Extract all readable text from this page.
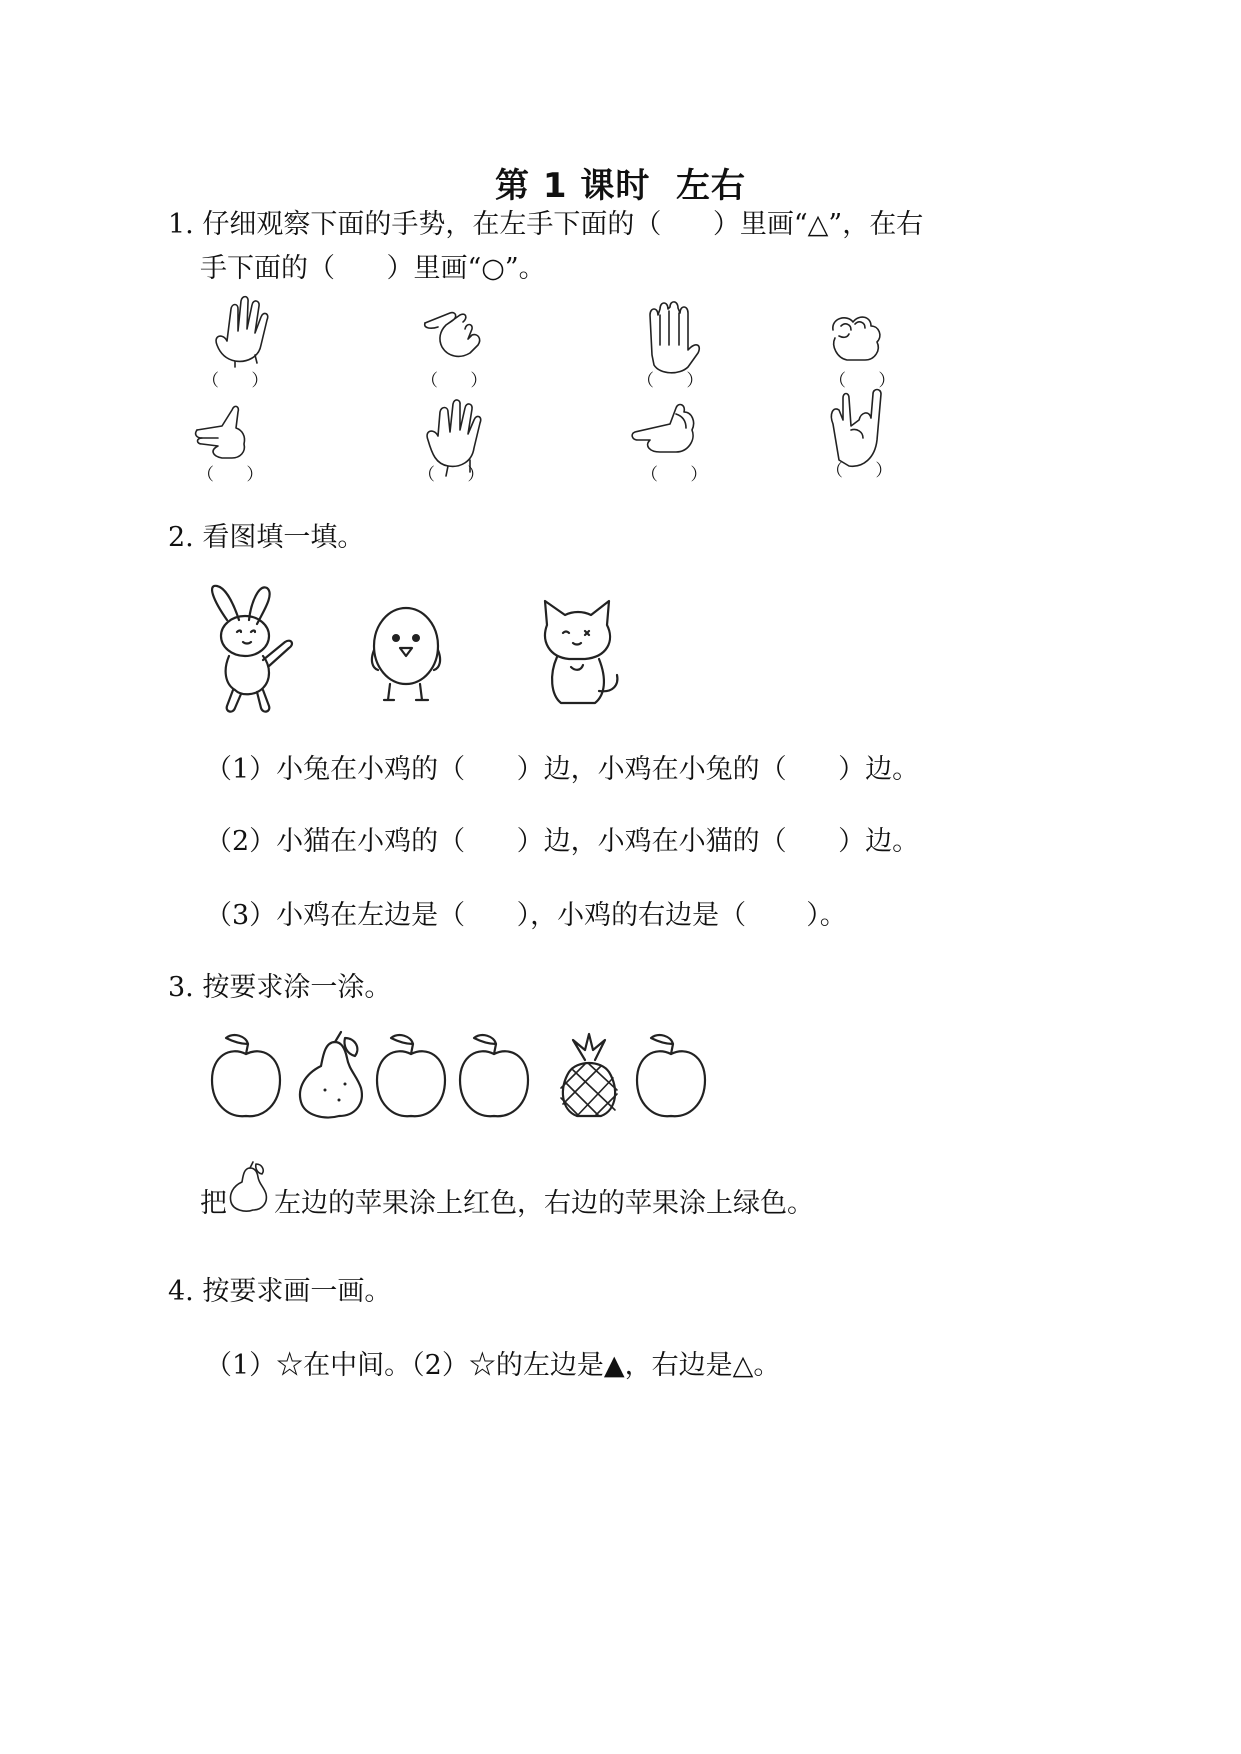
第 1 课时  左右
1. 仔细观察下面的手势，在左手下面的（      ）里画“△”，在右
手下面的（      ）里画“○”。
（      ）	（      ）	（      ）	（      ）
（      ）	（      ）	（      ）	（      ）
2. 看图填一填。
（1）小兔在小鸡的（      ）边，小鸡在小兔的（      ）边。
（2）小猫在小鸡的（      ）边，小鸡在小猫的（      ）边。
（3）小鸡在左边是（      ），小鸡的右边是（       ）。
3. 按要求涂一涂。
把 左边的苹果涂上红色，右边的苹果涂上绿色。
4. 按要求画一画。
（1）☆在中间。（2）☆的左边是▲，右边是△。
